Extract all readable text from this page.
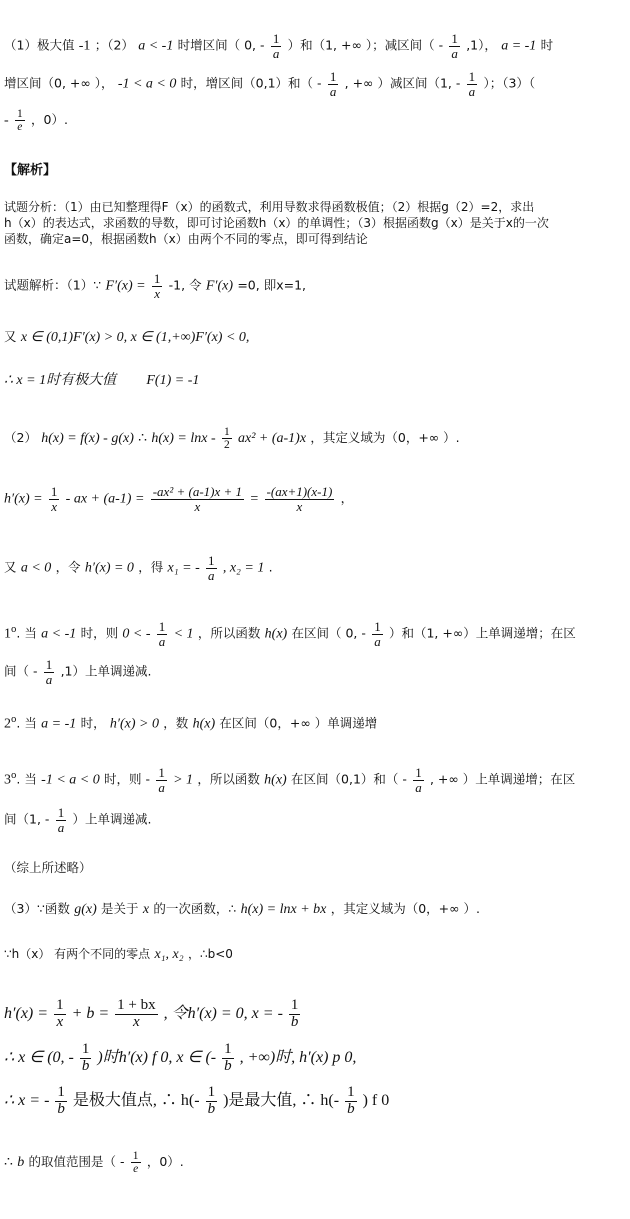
（1）极大值 -1 ；（2） a < -1 时增区间（ 0, - $\frac{1}{a}$ ）和（1, +∞ ）；减区间（ - $\frac{1}{a} ,1$）， a = -1 时
增区间（0, +∞ ）， -1 < a < 0 时，增区间（0,1）和（ - $\frac{1}{a}$ , +∞ ）减区间（1, - $\frac{1}{a}$ ）；（3）（
- $\frac{1}{e}$ ，0）.
【解析】
试题分析：（1）由已知整理得F（x）的函数式，利用导数求得函数极值；（2）根据g（2）=2，求出
h（x）的表达式，求函数的导数，即可讨论函数h（x）的单调性；（3）根据函数g（x）是关于x的一次
函数，确定a=0，根据函数h（x）由两个不同的零点，即可得到结论
试题解析：（1）∵ $F'(x) = \frac{1}{x} -1$, 令 F′(x) =0, 即x=1,
又 x ∈ (0,1)F′(x) > 0, x ∈ (1,+∞)F′(x) < 0,
∴ x = 1时有极大值 F(1) = -1
（2） h(x) = f(x) - g(x) ∴ $h(x) = \ln x - \frac{1}{2} ax^2 + (a-1)x$ ，其定义域为（0，+∞ ）.
$h'(x) = \frac{1}{x}$ - ax + $(a-1) = \frac{\text{-ax² + (a-1)x + 1}}{x} = \frac{-(ax+1)(x-1)}{x}$ ，
又 a < 0 ，令 h′(x) = 0 ，得 x₁ = - $\frac{1}{a}$ , x₂ = 1 .
1$^o$. 当 a < -1 时，则 0 < - $\frac{1}{a} < 1$ ，所以函数 h(x) 在区间（ 0, - $\frac{1}{a}$ ）和（1, +∞）上单调递增；在区
间（ - $\frac{1}{a} ,1$）上单调递减.
2$^o$. 当 a = -1 时， h′(x) > 0 ，数 h(x) 在区间（0，+∞ ）单调递增
3$^o$. 当 -1 < a < 0 时，则 - $\frac{1}{a} > 1$ ，所以函数 h(x) 在区间（0,1）和（ - $\frac{1}{a}$ , +∞ ）上单调递增；在区
间（1, - $\frac{1}{a}$ ）上单调递减.
（综上所述略）
（3）∵函数 g(x) 是关于 x 的一次函数，∴ h(x) = lnx + bx ，其定义域为（0，+∞ ）.
∵h（x） 有两个不同的零点 x₁, x₂ ，∴b<0
$h'(x) = \frac{1}{x} + b = \frac{1 + bx}{x}$ , 令h′(x) = 0, x = - $\frac{1}{b}$
∴ x ∈ (0, - $\frac{1}{b}$ )时h′(x) f 0, x ∈ (- $\frac{1}{b}$ , +∞)时, h′(x) p 0,
∴ x = - $\frac{1}{b}$ 是极大值点, ∴ $h(- \frac{1}{b}$ )是最大值, ∴ $h(- \frac{1}{b}$ ) f 0
∴ b 的取值范围是（ - $\frac{1}{e}$ ，0）.
